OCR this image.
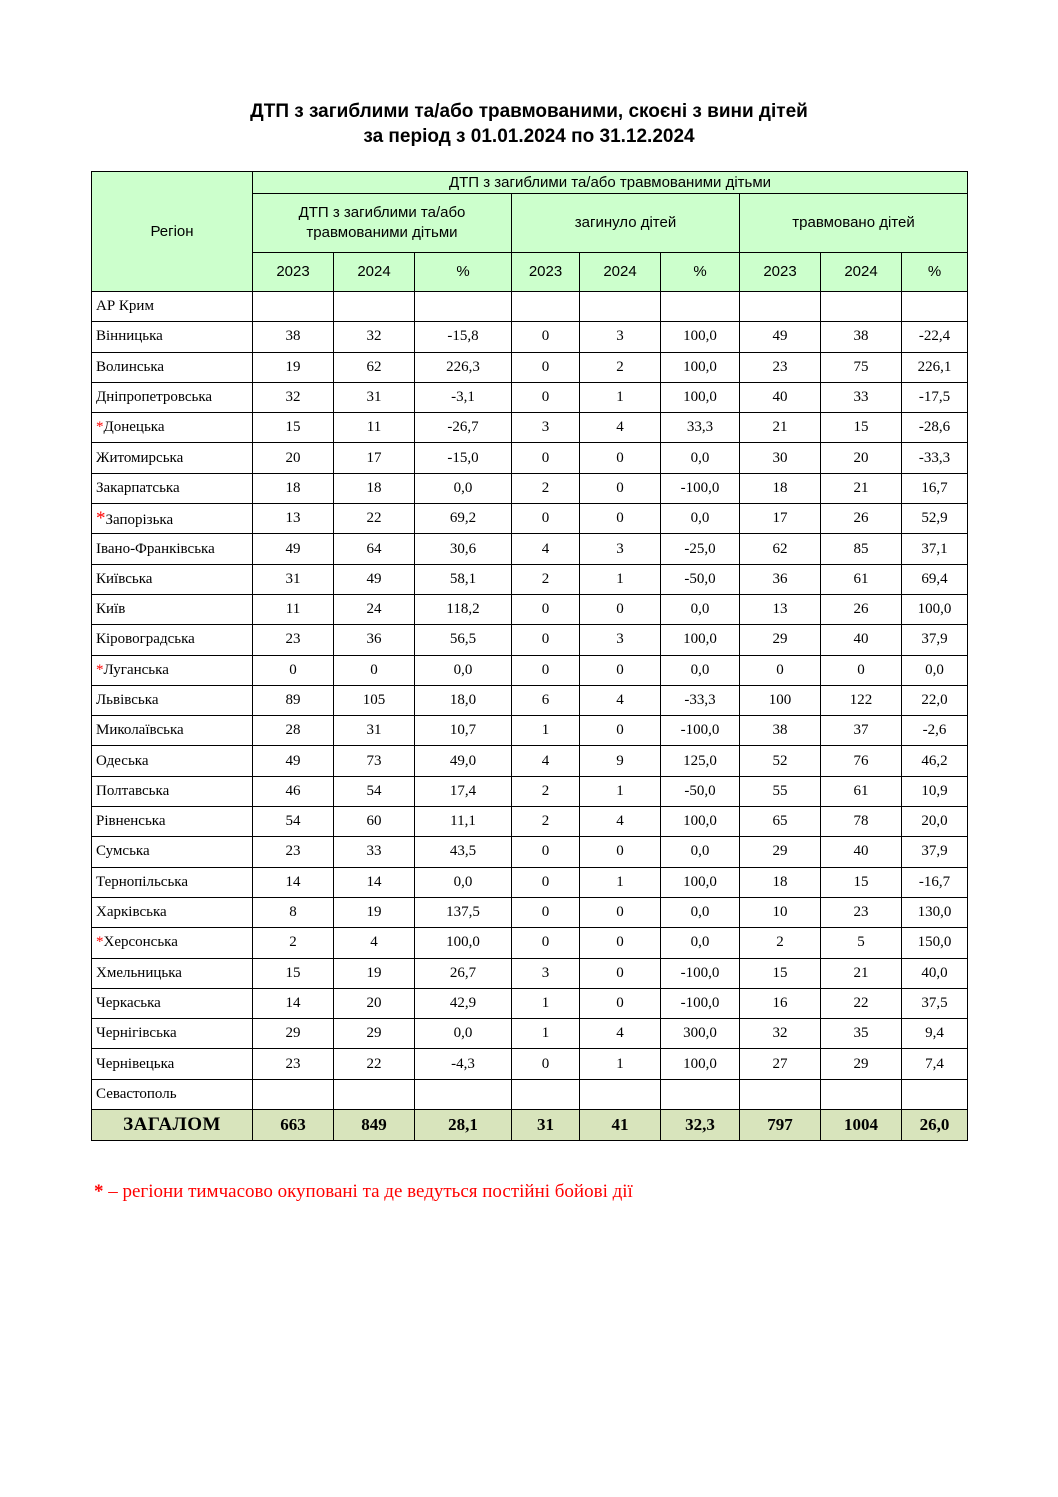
ДТП з загиблими та/або травмованими, скоєні з вини дітей
за період з 01.01.2024 по 31.12.2024
Регіон	ДТП з загиблими та/або травмованими дітьми								
	ДТП з загиблими та/або травмованими дітьми			загинуло дітей			травмовано дітей		
	2023	2024	%	2023	2024	%	2023	2024	%
АР Крим									
Вінницька	38	32	-15,8	0	3	100,0	49	38	-22,4
Волинська	19	62	226,3	0	2	100,0	23	75	226,1
Дніпропетровська	32	31	-3,1	0	1	100,0	40	33	-17,5
*Донецька	15	11	-26,7	3	4	33,3	21	15	-28,6
Житомирська	20	17	-15,0	0	0	0,0	30	20	-33,3
Закарпатська	18	18	0,0	2	0	-100,0	18	21	16,7
*Запорізька	13	22	69,2	0	0	0,0	17	26	52,9
Івано-Франківська	49	64	30,6	4	3	-25,0	62	85	37,1
Київська	31	49	58,1	2	1	-50,0	36	61	69,4
Київ	11	24	118,2	0	0	0,0	13	26	100,0
Кіровоградська	23	36	56,5	0	3	100,0	29	40	37,9
*Луганська	0	0	0,0	0	0	0,0	0	0	0,0
Львівська	89	105	18,0	6	4	-33,3	100	122	22,0
Миколаївська	28	31	10,7	1	0	-100,0	38	37	-2,6
Одеська	49	73	49,0	4	9	125,0	52	76	46,2
Полтавська	46	54	17,4	2	1	-50,0	55	61	10,9
Рівненська	54	60	11,1	2	4	100,0	65	78	20,0
Сумська	23	33	43,5	0	0	0,0	29	40	37,9
Тернопільська	14	14	0,0	0	1	100,0	18	15	-16,7
Харківська	8	19	137,5	0	0	0,0	10	23	130,0
*Херсонська	2	4	100,0	0	0	0,0	2	5	150,0
Хмельницька	15	19	26,7	3	0	-100,0	15	21	40,0
Черкаська	14	20	42,9	1	0	-100,0	16	22	37,5
Чернігівська	29	29	0,0	1	4	300,0	32	35	9,4
Чернівецька	23	22	-4,3	0	1	100,0	27	29	7,4
Севастополь									
ЗАГАЛОМ	663	849	28,1	31	41	32,3	797	1004	26,0
* – регіони тимчасово окуповані та де ведуться постійні бойові дії
